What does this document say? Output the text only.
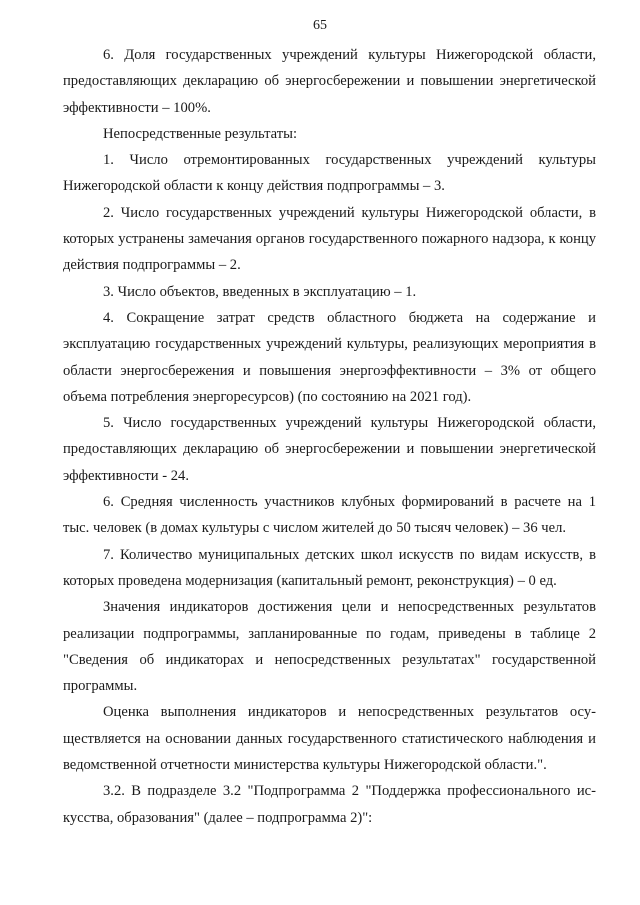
65

6. Доля государственных учреждений культуры Нижегородской области, предоставляющих декларацию об энергосбережении и повышении энергетической эффективности – 100%.

Непосредственные результаты:

1. Число отремонтированных государственных учреждений культуры Нижегородской области к концу действия подпрограммы – 3.

2. Число государственных учреждений культуры Нижегородской области, в которых устранены замечания органов государственного пожарного надзора, к концу действия подпрограммы – 2.

3. Число объектов, введенных в эксплуатацию – 1.

4. Сокращение затрат средств областного бюджета на содержание и эксплуатацию государственных учреждений культуры, реализующих мероприятия в области энергосбережения и повышения энергоэффективности – 3% от общего объема потребления энергоресурсов) (по состоянию на 2021 год).

5. Число государственных учреждений культуры Нижегородской области, предоставляющих декларацию об энергосбережении и повышении энергетической эффективности - 24.

6. Средняя численность участников клубных формирований в расчете на 1 тыс. человек (в домах культуры с числом жителей до 50 тысяч человек) – 36 чел.

7. Количество муниципальных детских школ искусств по видам искусств, в которых проведена модернизация (капитальный ремонт, реконструкция) – 0 ед.

Значения индикаторов достижения цели и непосредственных результатов реализации подпрограммы, запланированные по годам, приведены в таблице 2 "Сведения об индикаторах и непосредственных результатах" государственной программы.

Оценка выполнения индикаторов и непосредственных результатов осуществляется на основании данных государственного статистического наблюдения и ведомственной отчетности министерства культуры Нижегородской области.".

3.2. В подразделе 3.2 "Подпрограмма 2 "Поддержка профессионального искусства, образования" (далее – подпрограмма 2)":
